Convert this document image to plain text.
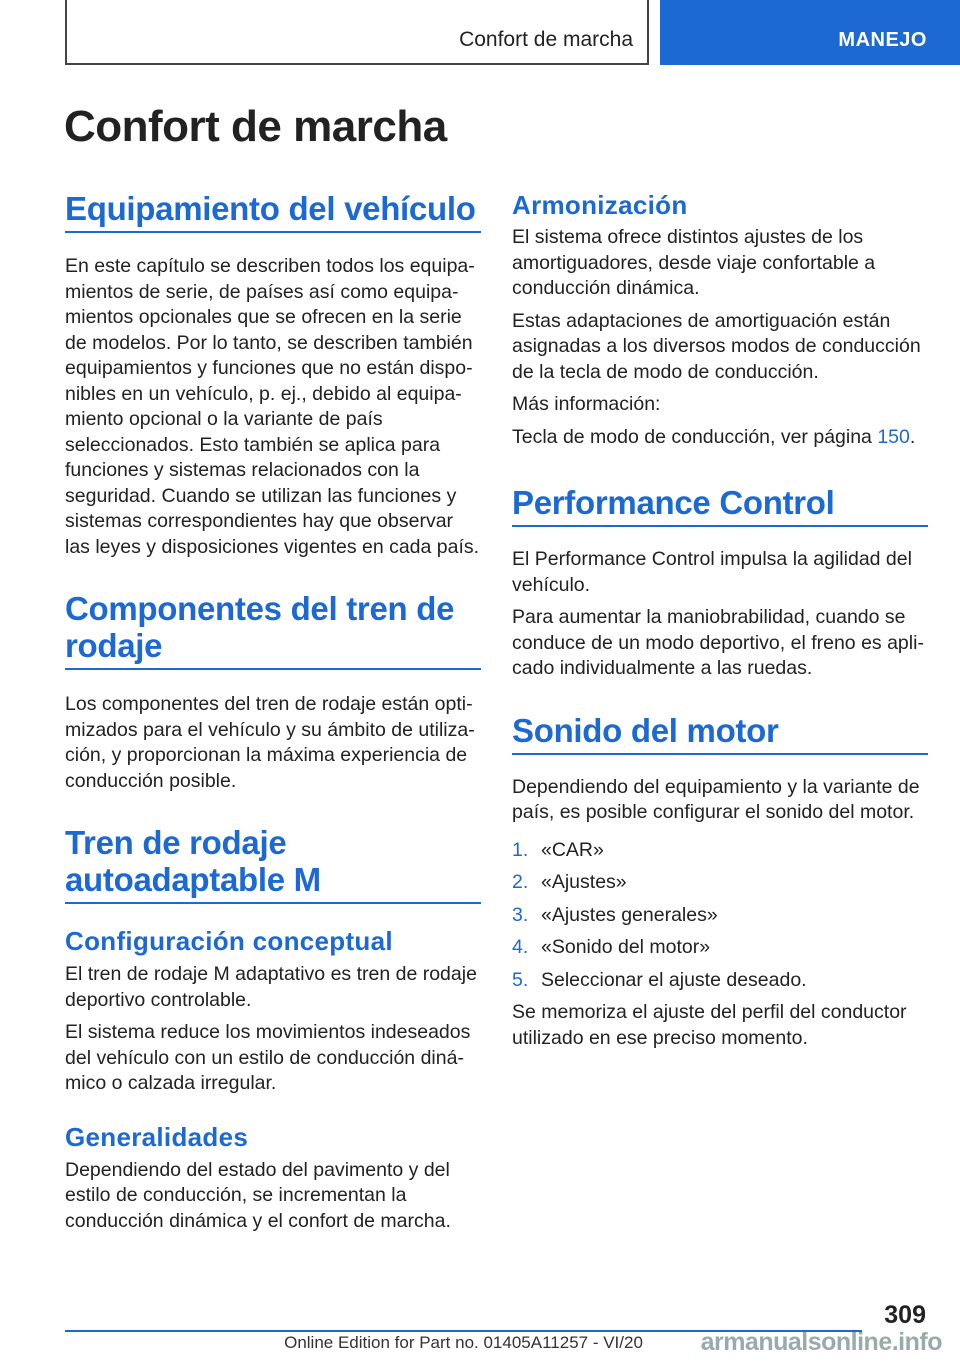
Confort de marcha	MANEJO
Confort de marcha
Equipamiento del vehículo

En este capítulo se describen todos los equipamientos de serie, de países así como equipamientos opcionales que se ofrecen en la serie de modelos. Por lo tanto, se describen también equipamientos y funciones que no están disponibles en un vehículo, p. ej., debido al equipamiento opcional o la variante de país seleccionados. Esto también se aplica para funciones y sistemas relacionados con la seguridad. Cuando se utilizan las funciones y sistemas correspondientes hay que observar las leyes y disposiciones vigentes en cada país.

Componentes del tren de rodaje

Los componentes del tren de rodaje están optimizados para el vehículo y su ámbito de utilización, y proporcionan la máxima experiencia de conducción posible.

Tren de rodaje autoadaptable M
Configuración conceptual

El tren de rodaje M adaptativo es tren de rodaje deportivo controlable.

El sistema reduce los movimientos indeseados del vehículo con un estilo de conducción dinámico o calzada irregular.

Generalidades

Dependiendo del estado del pavimento y del estilo de conducción, se incrementan la conducción dinámica y el confort de marcha.

Armonización

El sistema ofrece distintos ajustes de los amortiguadores, desde viaje confortable a conducción dinámica.

Estas adaptaciones de amortiguación están asignadas a los diversos modos de conducción de la tecla de modo de conducción.

Más información:

Tecla de modo de conducción, ver página 150.

Performance Control

El Performance Control impulsa la agilidad del vehículo.

Para aumentar la maniobrabilidad, cuando se conduce de un modo deportivo, el freno es aplicado individualmente a las ruedas.

Sonido del motor

Dependiendo del equipamiento y la variante de país, es posible configurar el sonido del motor.

1. «CAR»
2. «Ajustes»
3. «Ajustes generales»
4. «Sonido del motor»
5. Seleccionar el ajuste deseado.

Se memoriza el ajuste del perfil del conductor utilizado en ese preciso momento.

309
Online Edition for Part no. 01405A11257 - VI/20	armanualsonline.info
